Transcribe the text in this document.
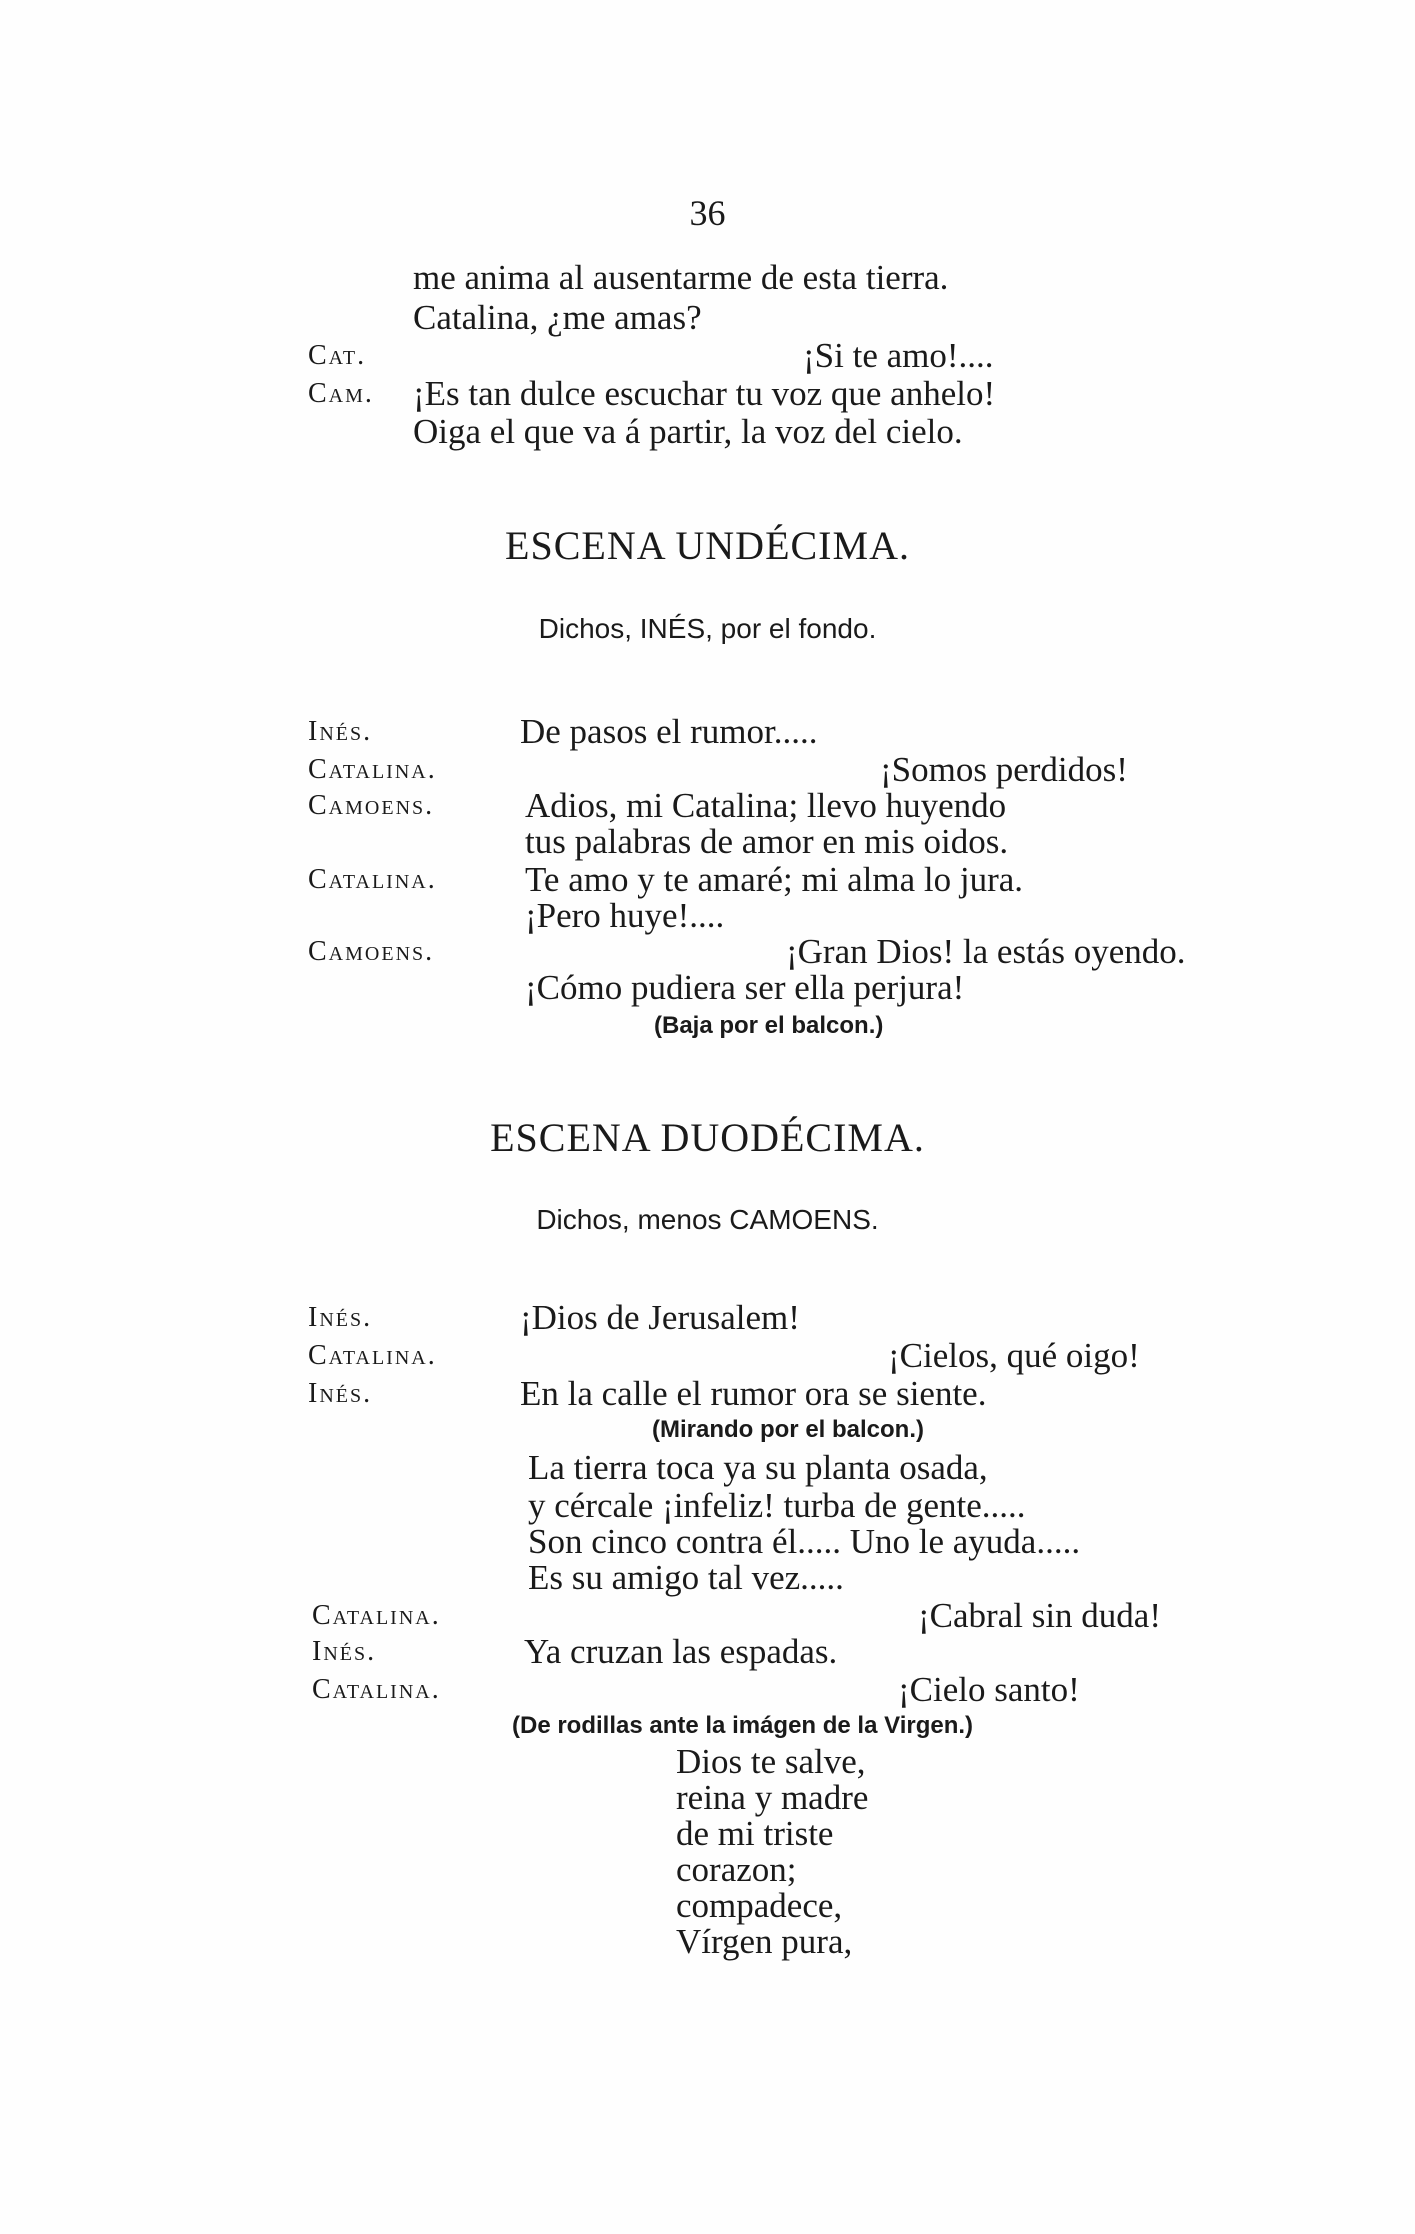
36
me anima al ausentarme de esta tierra.
Catalina, ¿me amas?
Cat.	¡Si te amo!....
Cam. ¡Es tan dulce escuchar tu voz que anhelo!
Oiga el que va á partir, la voz del cielo.
ESCENA UNDÉCIMA.
Dichos, INÉS, por el fondo.
Inés.	De pasos el rumor.....
Catalina.	¡Somos perdidos!
Camoens.	Adios, mi Catalina; llevo huyendo
tus palabras de amor en mis oidos.
Catalina.	Te amo y te amaré; mi alma lo jura.
¡Pero huye!....
Camoens.	¡Gran Dios! la estás oyendo.
¡Cómo pudiera ser ella perjura!
(Baja por el balcon.)
ESCENA DUODÉCIMA.
Dichos, menos CAMOENS.
Inés.	¡Dios de Jerusalem!
Catalina.	¡Cielos, qué oigo!
Inés.	En la calle el rumor ora se siente.
(Mirando por el balcon.)
La tierra toca ya su planta osada,
y cércale ¡infeliz! turba de gente.....
Son cinco contra él..... Uno le ayuda.....
Es su amigo tal vez.....
Catalina.	¡Cabral sin duda!
Inés.	Ya cruzan las espadas.
Catalina.	¡Cielo santo!
(De rodillas ante la imágen de la Virgen.)
Dios te salve,
reina y madre
de mi triste
corazon;
compadece,
Vírgen pura,
